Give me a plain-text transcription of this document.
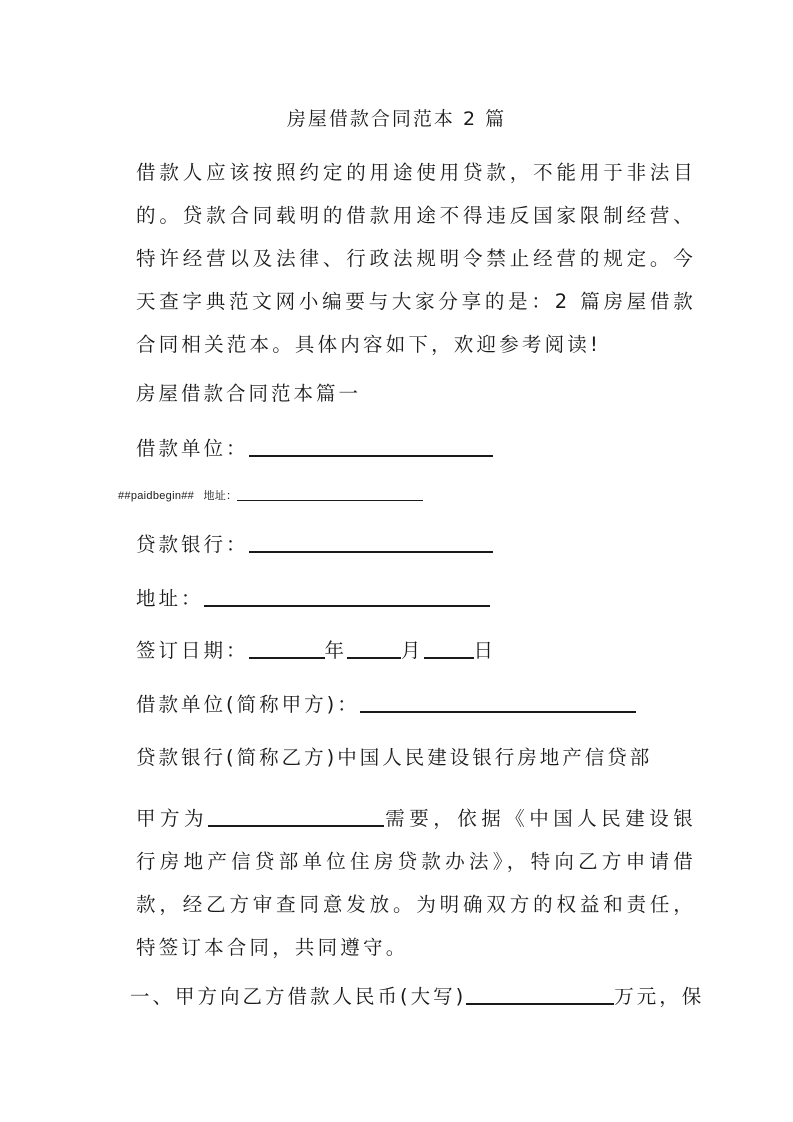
房屋借款合同范本 2 篇
借款人应该按照约定的用途使用贷款，不能用于非法目的。贷款合同载明的借款用途不得违反国家限制经营、特许经营以及法律、行政法规明令禁止经营的规定。今天查字典范文网小编要与大家分享的是：2 篇房屋借款合同相关范本。具体内容如下，欢迎参考阅读!
房屋借款合同范本篇一
借款单位：
##paidbegin## 地址：
贷款银行：
地址：
签订日期：	年	月	日
借款单位(简称甲方)：
贷款银行(简称乙方)中国人民建设银行房地产信贷部
甲方为	需要，依据《中国人民建设银行房地产信贷部单位住房贷款办法》，特向乙方申请借款，经乙方审查同意发放。为明确双方的权益和责任，特签订本合同，共同遵守。
一、甲方向乙方借款人民币(大写)	万元，保
